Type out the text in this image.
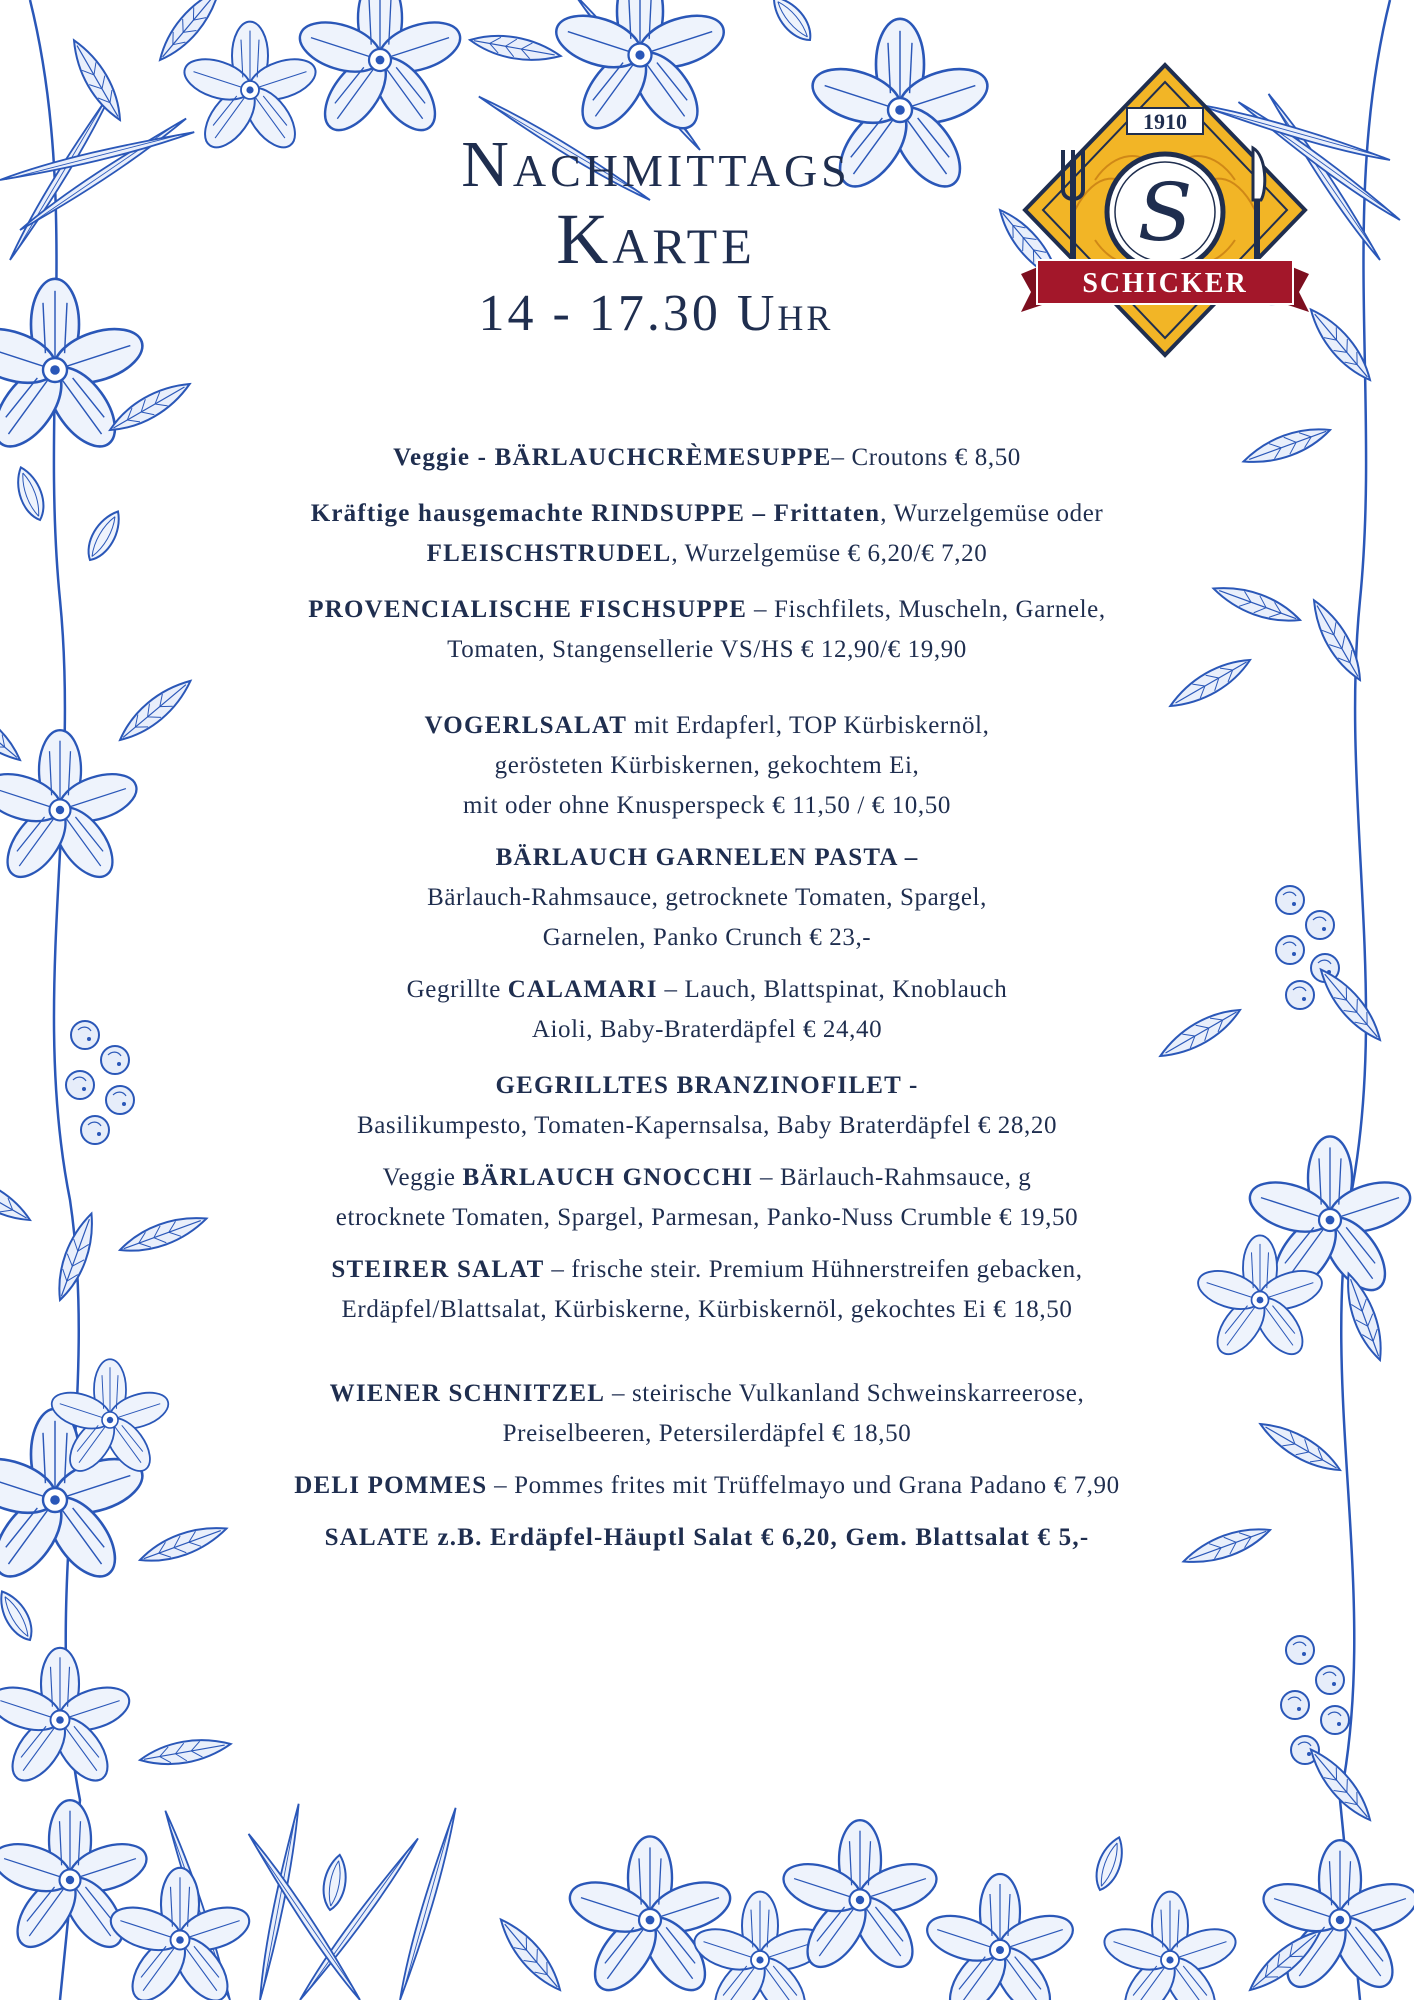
Nachmittags
Karte
14 - 17.30 Uhr
1910
S
SCHICKER
Veggie - BÄRLAUCHCRÈMESUPPE– Croutons € 8,50
Kräftige hausgemachte RINDSUPPE – Frittaten, Wurzelgemüse oder
FLEISCHSTRUDEL, Wurzelgemüse € 6,20/€ 7,20
PROVENCIALISCHE FISCHSUPPE – Fischfilets, Muscheln, Garnele,
Tomaten, Stangensellerie VS/HS € 12,90/€ 19,90
VOGERLSALAT mit Erdapferl, TOP Kürbiskernöl,
gerösteten Kürbiskernen, gekochtem Ei,
mit oder ohne Knusperspeck € 11,50 / € 10,50
BÄRLAUCH GARNELEN PASTA –
Bärlauch-Rahmsauce, getrocknete Tomaten, Spargel,
Garnelen, Panko Crunch € 23,-
Gegrillte CALAMARI – Lauch, Blattspinat, Knoblauch
Aioli, Baby-Braterdäpfel € 24,40
GEGRILLTES BRANZINOFILET -
Basilikumpesto, Tomaten-Kapernsalsa, Baby Braterdäpfel € 28,20
Veggie BÄRLAUCH GNOCCHI – Bärlauch-Rahmsauce, g
etrocknete Tomaten, Spargel, Parmesan, Panko-Nuss Crumble € 19,50
STEIRER SALAT – frische steir. Premium Hühnerstreifen gebacken,
Erdäpfel/Blattsalat, Kürbiskerne, Kürbiskernöl, gekochtes Ei € 18,50
WIENER SCHNITZEL – steirische Vulkanland Schweinskarreerose,
Preiselbeeren, Petersilerdäpfel € 18,50
DELI POMMES – Pommes frites mit Trüffelmayo und Grana Padano € 7,90
SALATE z.B. Erdäpfel-Häuptl Salat € 6,20, Gem. Blattsalat € 5,-
